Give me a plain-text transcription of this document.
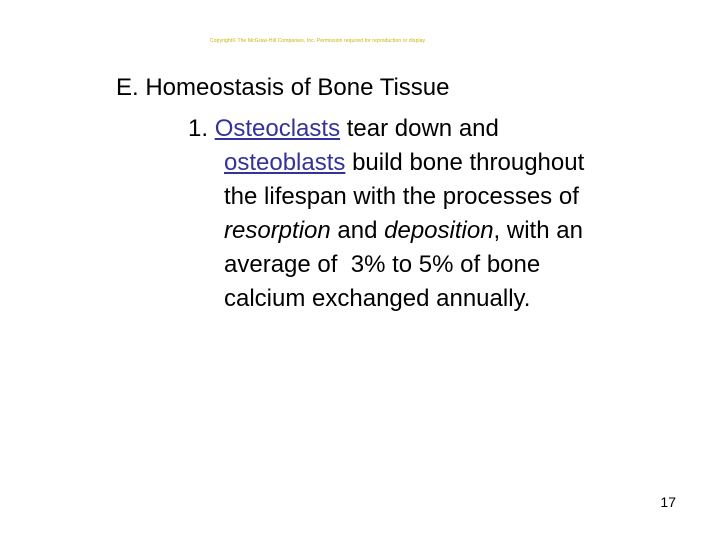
Copyright© The McGraw-Hill Companies, Inc. Permission required for reproduction or display
E. Homeostasis of Bone Tissue
1. Osteoclasts tear down and
osteoblasts build bone throughout
the lifespan with the processes of
resorption and deposition, with an
average of  3% to 5% of bone
calcium exchanged annually.
17
